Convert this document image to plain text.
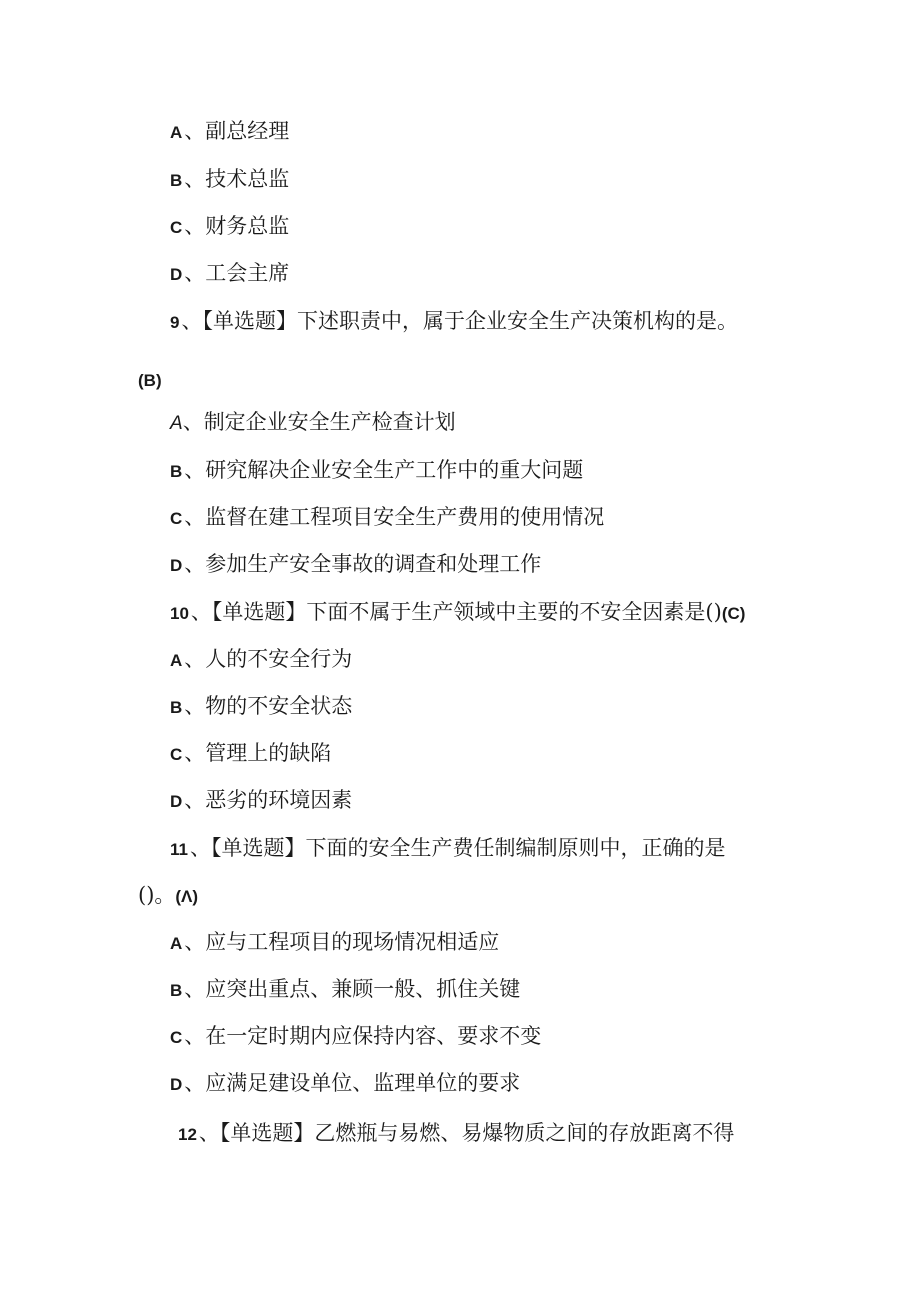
A、副总经理
B、技术总监
C、财务总监
D、工会主席
9、【单选题】下述职责中，属于企业安全生产决策机构的是。
(B)
A、制定企业安全生产检查计划
B、研究解决企业安全生产工作中的重大问题
C、监督在建工程项目安全生产费用的使用情况
D、参加生产安全事故的调查和处理工作
10、【单选题】下面不属于生产领域中主要的不安全因素是()(C)
A、人的不安全行为
B、物的不安全状态
C、管理上的缺陷
D、恶劣的环境因素
11、【单选题】下面的安全生产费任制编制原则中，正确的是
()。(Λ)
A、应与工程项目的现场情况相适应
B、应突出重点、兼顾一般、抓住关键
C、在一定时期内应保持内容、要求不变
D、应满足建设单位、监理单位的要求
12、【单选题】乙燃瓶与易燃、易爆物质之间的存放距离不得
